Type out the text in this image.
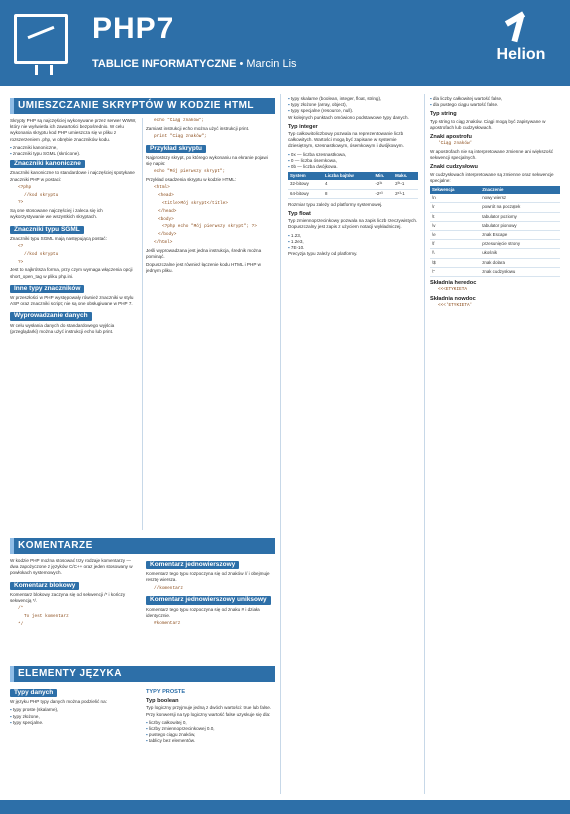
PHP7
TABLICE INFORMATYCZNE • Marcin Lis
Helion
UMIESZCZANIE SKRYPTÓW W KODZIE HTML
Skrypty PHP są najczęściej wykonywane przez serwer WWW, który nie wyświetla ich zawartości bezpośrednio. W celu wykonania skryptu kod PHP umieszcza się w pliku z rozszerzeniem .php, w obrębie znaczników kodu.
▪ znaczniki kanoniczne,
▪ znaczniki typu SGML (skrócone).
Znaczniki kanoniczne
Znaczniki kanoniczne to standardowe i najczęściej spotykane znaczniki PHP w postaci:
<?php
//kod skryptu
?>
Są one stosowane najczęściej i zaleca się ich wykorzystywanie we wszystkich skryptach.
Znaczniki typu SGML
Znaczniki typu SGML mają następującą postać:
<?
//kod skryptu
?>
Jest to najkrótsza forma, przy czym wymaga włączenia opcji short_open_tag w pliku php.ini.
Inne typy znaczników
W przeszłości w PHP występowały również znaczniki w stylu ASP oraz znaczniki script; nie są one obsługiwane w PHP 7.
Wyprowadzanie danych
W celu wysłania danych do standardowego wyjścia (przeglądarki) można użyć instrukcji echo lub print.
echo "Ciąg znaków";
Zamiast instrukcji echo można użyć instrukcji print.
print "Ciąg znaków";
Przykład skryptu
Najprostszy skrypt, po którego wykonaniu na ekranie pojawi się napis:
echo "Mój pierwszy skrypt";
Przykład osadzenia skryptu w kodzie HTML:
<html>
<head>
<title>Mój skrypt</title>
</head>
<body>
<?php echo "Mój pierwszy skrypt"; ?>
</body>
</html>
Jeśli wyprowadzana jest jedna instrukcja, średnik można pominąć.
Dopuszczalne jest również łączenie kodu HTML i PHP w jednym pliku.
▪ typy skalarne (boolean, integer, float, string),
▪ typy złożone (array, object),
▪ typy specjalne (resource, null).
W kolejnych punktach omówiono podstawowe typy danych.
Typ integer
Typ całkowitoliczbowy pozwala na reprezentowanie liczb całkowitych. Wartości mogą być zapisane w systemie dziesiętnym, szesnastkowym, ósemkowym i dwójkowym.
▪ 0x — liczba szesnastkowa,
▪ 0 — liczba ósemkowa,
▪ 0b — liczba dwójkowa.
System	Liczba bajtów	Min.	Maks.
32-bitowy	4	-2³¹	2³¹-1
64-bitowy	8	-2⁶³	2⁶³-1
Rozmiar typu zależy od platformy systemowej.
Typ float
Typ zmiennoprzecinkowy pozwala na zapis liczb rzeczywistych. Dopuszczalny jest zapis z użyciem notacji wykładniczej.
▪ 1.23,
▪ 1.2e3,
▪ 7E-10.
Precyzja typu zależy od platformy.
▪ dla liczby całkowitej wartość false,
▪ dla pustego ciągu wartość false.
Typ string
Typ string to ciąg znaków. Ciągi mogą być zapisywane w apostrofach lub cudzysłowach.
Znaki apostrofu
'Ciąg znaków'
W apostrofach nie są interpretowane zmienne ani większość sekwencji specjalnych.
Znaki cudzysłowu
W cudzysłowach interpretowane są zmienne oraz sekwencje specjalne:
Sekwencja	Znaczenie
\n	nowy wiersz
\r	powrót na początek
\t	tabulator poziomy
\v	tabulator pionowy
\e	znak Escape
\f	przesunięcie strony
\\	ukośnik
\$	znak dolara
\"	znak cudzysłowu
Składnia heredoc
<<<ETYKIETA
Składnia nowdoc
<<<'ETYKIETA'
KOMENTARZE
W kodzie PHP można stosować trzy rodzaje komentarzy — dwa zapożyczone z języków C/C++ oraz jeden stosowany w powłokach systemowych.
Komentarz blokowy
Komentarz blokowy zaczyna się od sekwencji /* i kończy sekwencją */.
/*
To jest komentarz
*/
Komentarz jednowierszowy
Komentarz tego typu rozpoczyna się od znaków // i obejmuje resztę wiersza.
//komentarz
Komentarz jednowierszowy uniksowy
Komentarz tego typu rozpoczyna się od znaku # i działa identycznie.
#komentarz
ELEMENTY JĘZYKA
Typy danych
W języku PHP typy danych można podzielić na:
▪ typy proste (skalarne),
▪ typy złożone,
▪ typy specjalne.
TYPY PROSTE
Typ boolean
Typ logiczny przyjmuje jedną z dwóch wartości: true lub false. Przy konwersji na typ logiczny wartość false uzyskuje się dla:
▪ liczby całkowitej 0,
▪ liczby zmiennoprzecinkowej 0.0,
▪ pustego ciągu znaków,
▪ tablicy bez elementów.
